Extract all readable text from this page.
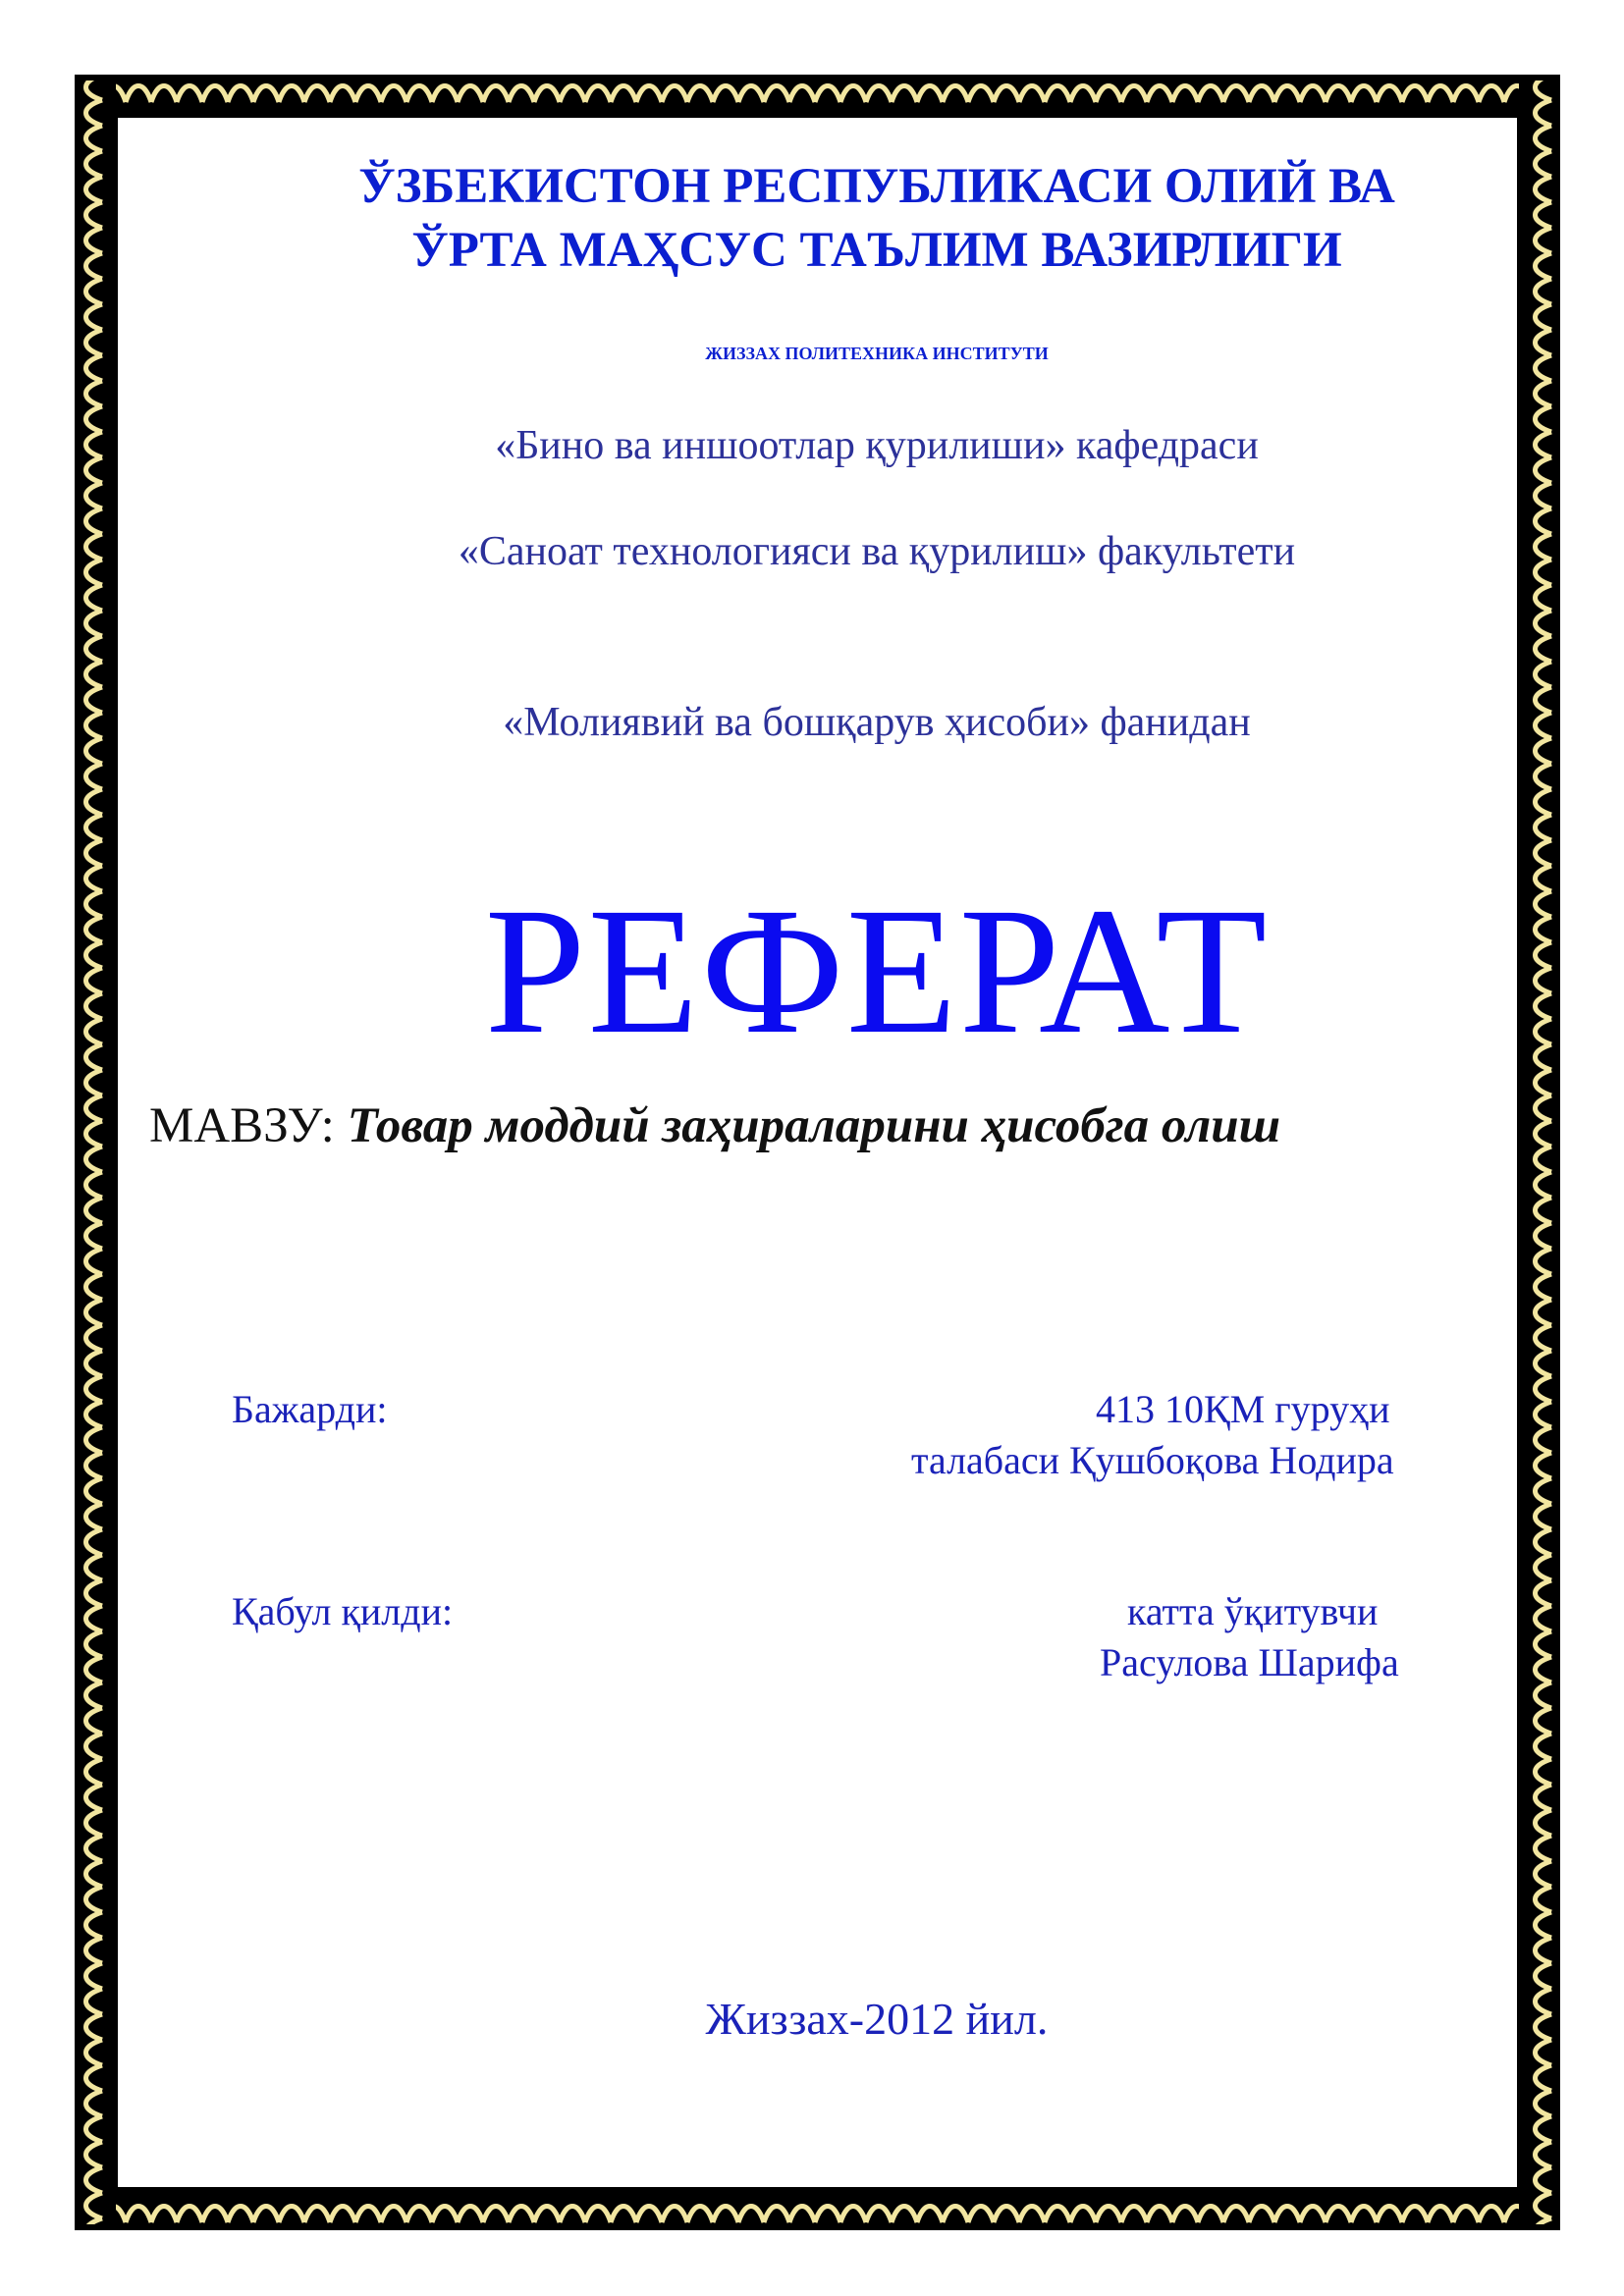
ЎЗБЕКИСТОН РЕСПУБЛИКАСИ ОЛИЙ ВА
ЎРТА МАҲСУС ТАЪЛИМ ВАЗИРЛИГИ
ЖИЗЗАХ ПОЛИТЕХНИКА ИНСТИТУТИ
«Бино ва иншоотлар қурилиши» кафедраси
«Саноат технологияси ва қурилиш» факультети
«Молиявий ва бошқарув ҳисоби» фанидан
РЕФЕРАТ
МАВЗУ: Товар моддий заҳираларини ҳисобга олиш
Бажарди:	413 10ҚМ гуруҳи
талабаси Қушбоқова Нодира
Қабул қилди:	катта ўқитувчи
Расулова Шарифа
Жиззах-2012 йил.
